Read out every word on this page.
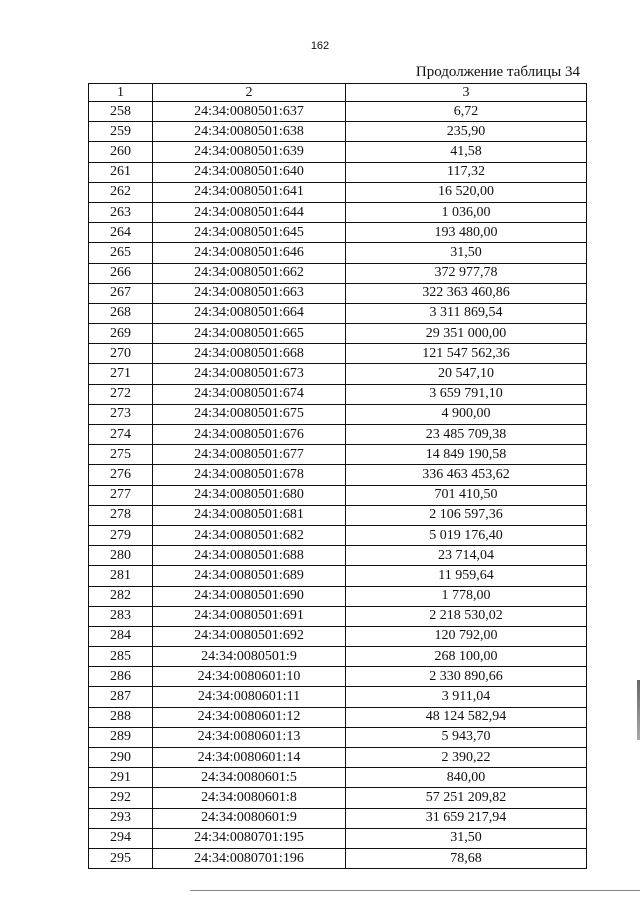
162
Продолжение таблицы 34
1	2	3
258	24:34:0080501:637	6,72
259	24:34:0080501:638	235,90
260	24:34:0080501:639	41,58
261	24:34:0080501:640	117,32
262	24:34:0080501:641	16 520,00
263	24:34:0080501:644	1 036,00
264	24:34:0080501:645	193 480,00
265	24:34:0080501:646	31,50
266	24:34:0080501:662	372 977,78
267	24:34:0080501:663	322 363 460,86
268	24:34:0080501:664	3 311 869,54
269	24:34:0080501:665	29 351 000,00
270	24:34:0080501:668	121 547 562,36
271	24:34:0080501:673	20 547,10
272	24:34:0080501:674	3 659 791,10
273	24:34:0080501:675	4 900,00
274	24:34:0080501:676	23 485 709,38
275	24:34:0080501:677	14 849 190,58
276	24:34:0080501:678	336 463 453,62
277	24:34:0080501:680	701 410,50
278	24:34:0080501:681	2 106 597,36
279	24:34:0080501:682	5 019 176,40
280	24:34:0080501:688	23 714,04
281	24:34:0080501:689	11 959,64
282	24:34:0080501:690	1 778,00
283	24:34:0080501:691	2 218 530,02
284	24:34:0080501:692	120 792,00
285	24:34:0080501:9	268 100,00
286	24:34:0080601:10	2 330 890,66
287	24:34:0080601:11	3 911,04
288	24:34:0080601:12	48 124 582,94
289	24:34:0080601:13	5 943,70
290	24:34:0080601:14	2 390,22
291	24:34:0080601:5	840,00
292	24:34:0080601:8	57 251 209,82
293	24:34:0080601:9	31 659 217,94
294	24:34:0080701:195	31,50
295	24:34:0080701:196	78,68
